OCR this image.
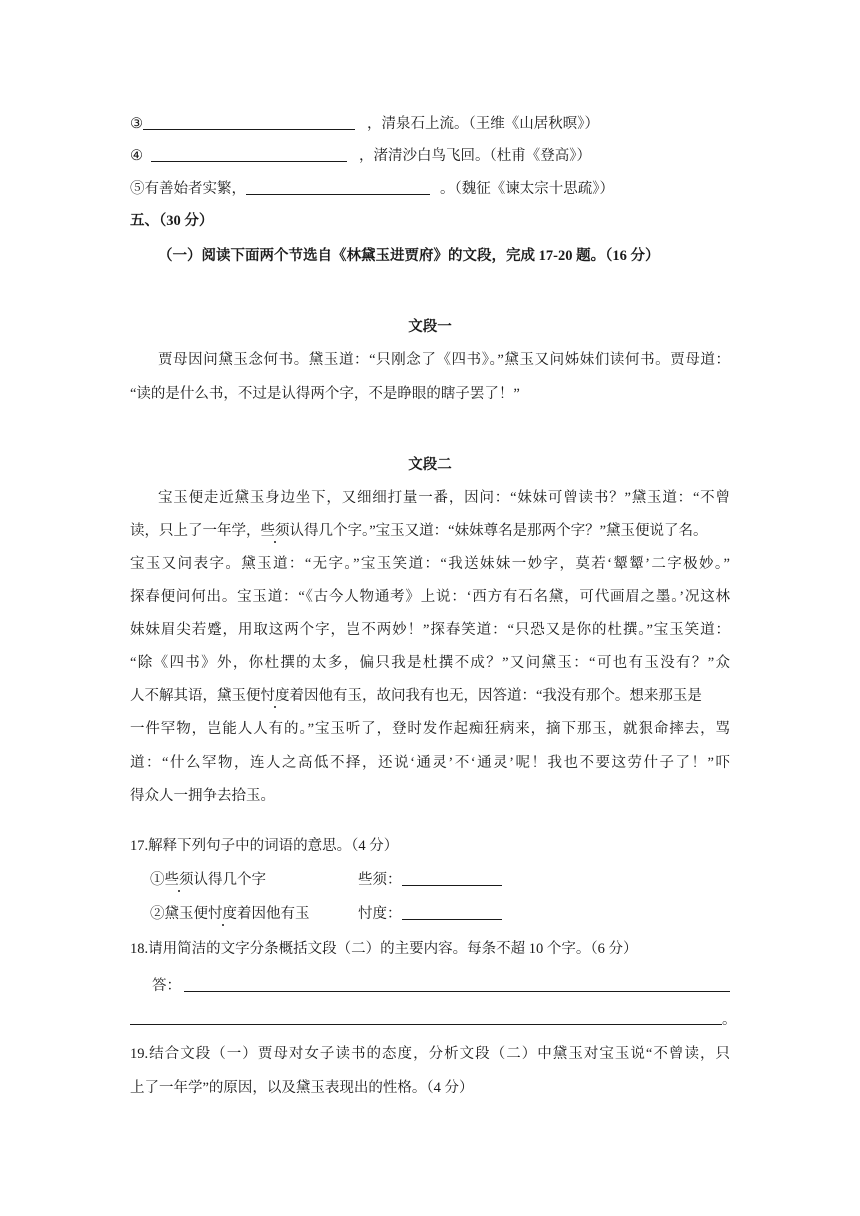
③	，清泉石上流。（王维《山居秋暝》）
④	，渚清沙白鸟飞回。（杜甫《登高》）
⑤有善始者实繁，	。（魏征《谏太宗十思疏》）
五、（30 分）
（一）阅读下面两个节选自《林黛玉进贾府》的文段，完成 17-20 题。（16 分）
文段一
贾母因问黛玉念何书。黛玉道：“只刚念了《四书》。”黛玉又问姊妹们读何书。贾母道：
“读的是什么书，不过是认得两个字，不是睁眼的瞎子罢了！”
文段二
宝玉便走近黛玉身边坐下，又细细打量一番，因问：“妹妹可曾读书？”黛玉道：“不曾
读，只上了一年学，些须认得几个字。”宝玉又道：“妹妹尊名是那两个字？”黛玉便说了名。
宝玉又问表字。黛玉道：“无字。”宝玉笑道：“我送妹妹一妙字，莫若‘颦颦’二字极妙。”
探春便问何出。宝玉道：“《古今人物通考》上说：‘西方有石名黛，可代画眉之墨。’况这林
妹妹眉尖若蹙，用取这两个字，岂不两妙！”探春笑道：“只恐又是你的杜撰。”宝玉笑道：
“除《四书》外，你杜撰的太多，偏只我是杜撰不成？”又问黛玉：“可也有玉没有？”众
人不解其语，黛玉便忖度着因他有玉，故问我有也无，因答道：“我没有那个。想来那玉是
一件罕物，岂能人人有的。”宝玉听了，登时发作起痴狂病来，摘下那玉，就狠命摔去，骂
道：“什么罕物，连人之高低不择，还说‘通灵’不‘通灵’呢！我也不要这劳什子了！”吓
得众人一拥争去拾玉。
17.解释下列句子中的词语的意思。（4 分）
①些须认得几个字	些须：
②黛玉便忖度着因他有玉	忖度：
18.请用简洁的文字分条概括文段（二）的主要内容。每条不超 10 个字。（6 分）
答：
。
19.结合文段（一）贾母对女子读书的态度，分析文段（二）中黛玉对宝玉说“不曾读，只
上了一年学”的原因，以及黛玉表现出的性格。（4 分）
